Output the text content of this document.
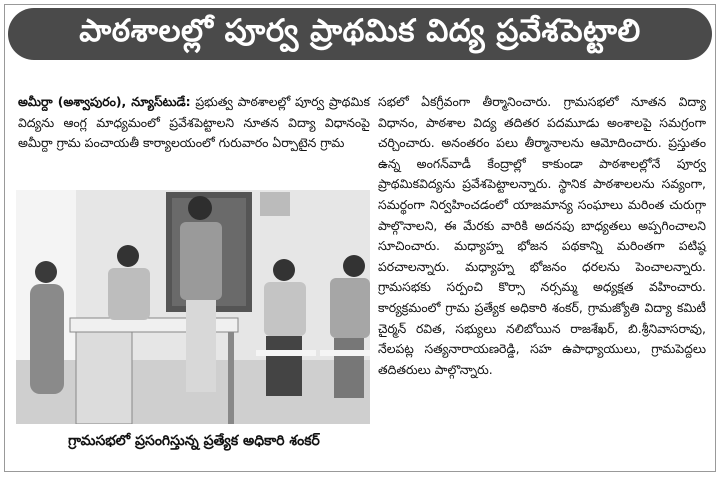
పాఠశాలల్లో పూర్వ ప్రాథమిక విద్య ప్రవేశపెట్టాలి
అమీర్దా (అశ్వాపురం), న్యూస్‌టుడే: ప్రభుత్వ పాఠశాలల్లో పూర్వ ప్రాథమిక విద్యను ఆంగ్ల మాధ్యమంలో ప్రవేశపెట్టాలని నూతన విద్యా విధానంపై అమీర్దా గ్రామ పంచాయతీ కార్యాలయంలో గురువారం ఏర్పాటైన గ్రామ
గ్రామసభలో ప్రసంగిస్తున్న ప్రత్యేక అధికారి శంకర్
సభలో ఏకగ్రీవంగా తీర్మానించారు. గ్రామసభలో నూతన విద్యా విధానం, పాఠశాల విద్య తదితర పదమూడు అంశాలపై సమగ్రంగా చర్చించారు. అనంతరం పలు తీర్మానాలను ఆమోదించారు. ప్రస్తుతం ఉన్న అంగన్‌వాడీ కేంద్రాల్లో కాకుండా పాఠశాలల్లోనే పూర్వ ప్రాథమికవిద్యను ప్రవేశపెట్టాలన్నారు. స్థానిక పాఠశాలలను సవ్యంగా, సమర్థంగా నిర్వహించడంలో యాజమాన్య సంఘాలు మరింత చురుగ్గా పాల్గొనాలని, ఈ మేరకు వారికి అదనపు బాధ్యతలు అప్పగించాలని సూచించారు. మధ్యాహ్న భోజన పథకాన్ని మరింతగా పటిష్ఠ పరచాలన్నారు. మధ్యాహ్న భోజనం ధరలను పెంచాలన్నారు. గ్రామసభకు సర్పంచి కొర్సా నర్సమ్మ అధ్యక్షత వహించారు. కార్యక్రమంలో గ్రామ ప్రత్యేక అధికారి శంకర్, గ్రామజ్యోతి విద్యా కమిటీ చైర్మన్ రవిత, సభ్యులు నలిబోయిన రాజశేఖర్, బి.శ్రీనివాసరావు, నేలపట్ల సత్యనారాయణరెడ్డి, సహ ఉపాధ్యాయులు, గ్రామపెద్దలు తదితరులు పాల్గొన్నారు.
